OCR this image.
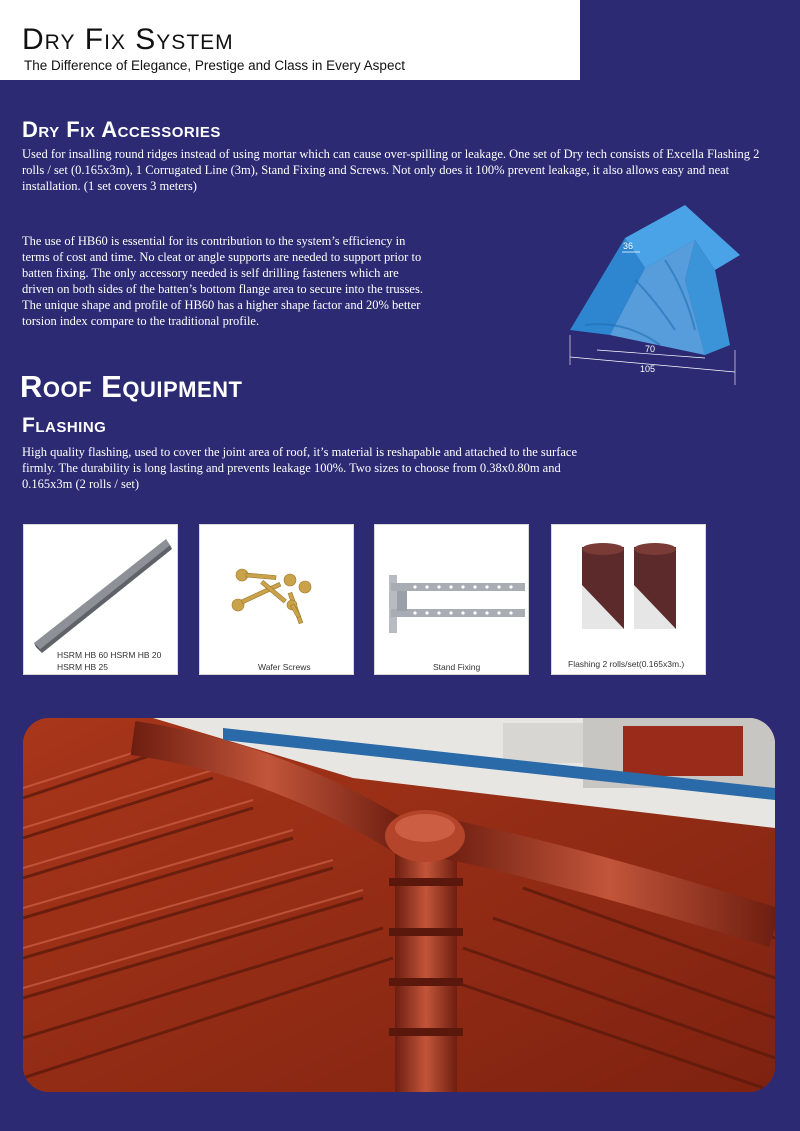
Dry Fix System
The Difference of Elegance, Prestige and Class in Every Aspect
Dry Fix Accessories

Used for insalling round ridges instead of using mortar which can cause over-spilling or leakage. One set of Dry tech consists of Excella Flashing 2 rolls / set (0.165x3m), 1 Corrugated Line (3m), Stand Fixing and Screws. Not only does it 100% prevent leakage, it also allows easy and neat installation. (1 set covers 3 meters)

The use of HB60 is essential for its contribution to the system’s efficiency in terms of cost and time. No cleat or angle supports are needed to support prior to batten fixing. The only accessory needed is self drilling fasteners which are driven on both sides of the batten’s bottom flange area to secure into the trusses. The unique shape and profile of HB60 has a higher shape factor and 20% better torsion index compare to the traditional profile.

36
70
105
Roof Equipment
Flashing

High quality flashing, used to cover the joint area of roof, it’s material is reshapable and attached to the surface firmly. The durability is long lasting and prevents leakage 100%. Two sizes to choose from 0.38x0.80m and 0.165x3m (2 rolls / set)

HSRM HB 60 HSRM HB 20
HSRM HB 25	Wafer Screws	Stand Fixing	Flashing 2 rolls/set(0.165x3m.)
